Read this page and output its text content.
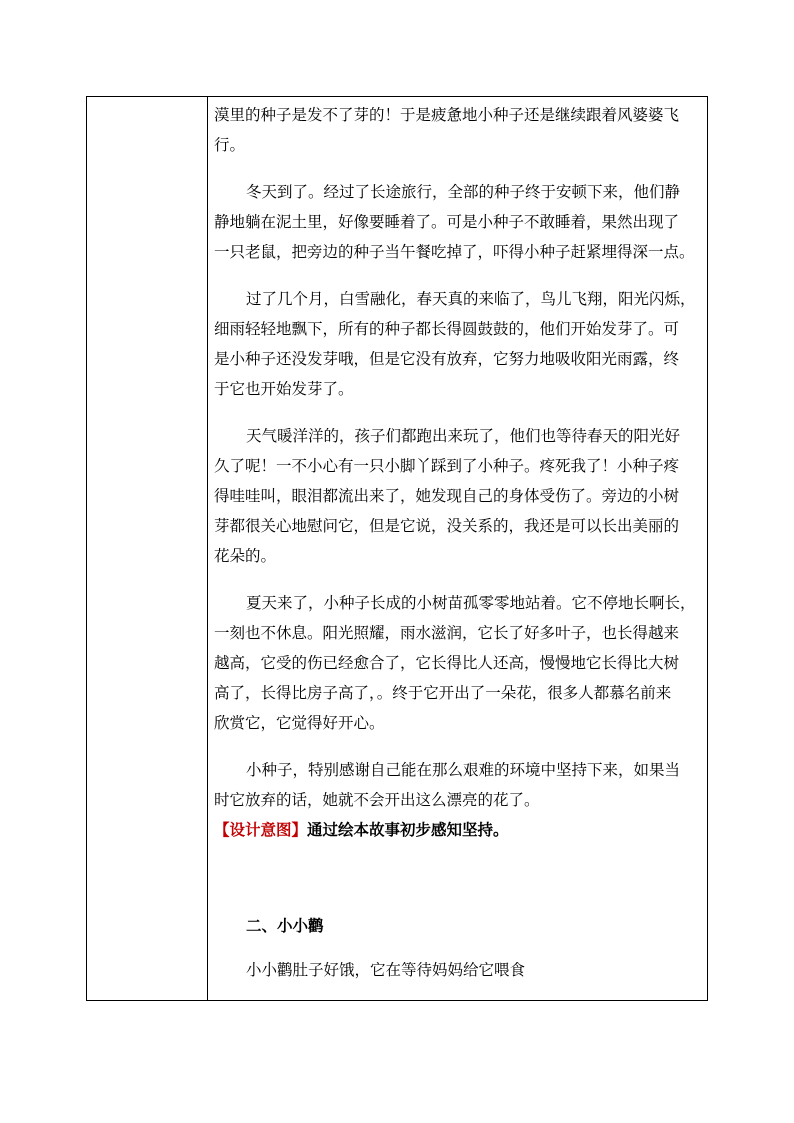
漠里的种子是发不了芽的！于是疲惫地小种子还是继续跟着风婆婆飞
行。
冬天到了。经过了长途旅行，全部的种子终于安顿下来，他们静
静地躺在泥土里，好像要睡着了。可是小种子不敢睡着，果然出现了
一只老鼠，把旁边的种子当午餐吃掉了，吓得小种子赶紧埋得深一点。
过了几个月，白雪融化，春天真的来临了，鸟儿飞翔，阳光闪烁，
细雨轻轻地飘下，所有的种子都长得圆鼓鼓的，他们开始发芽了。可
是小种子还没发芽哦，但是它没有放弃，它努力地吸收阳光雨露，终
于它也开始发芽了。
天气暖洋洋的，孩子们都跑出来玩了，他们也等待春天的阳光好
久了呢！一不小心有一只小脚丫踩到了小种子。疼死我了！小种子疼
得哇哇叫，眼泪都流出来了，她发现自己的身体受伤了。旁边的小树
芽都很关心地慰问它，但是它说，没关系的，我还是可以长出美丽的
花朵的。
夏天来了，小种子长成的小树苗孤零零地站着。它不停地长啊长，
一刻也不休息。阳光照耀，雨水滋润，它长了好多叶子，也长得越来
越高，它受的伤已经愈合了，它长得比人还高，慢慢地它长得比大树
高了，长得比房子高了，。终于它开出了一朵花，很多人都慕名前来
欣赏它，它觉得好开心。
小种子，特别感谢自己能在那么艰难的环境中坚持下来，如果当
时它放弃的话，她就不会开出这么漂亮的花了。
【设计意图】通过绘本故事初步感知坚持。
二、小小鹳
小小鹳肚子好饿，它在等待妈妈给它喂食
